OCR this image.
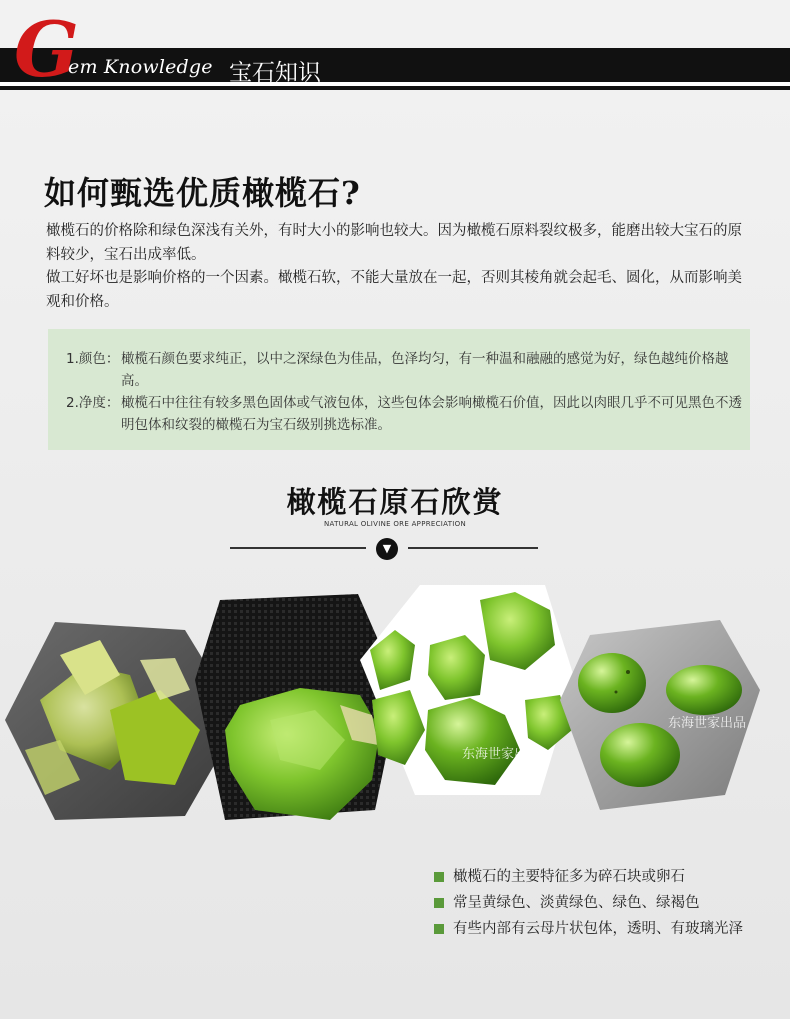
G
em Knowledge 宝石知识
如何甄选优质橄榄石?

橄榄石的价格除和绿色深浅有关外，有时大小的影响也较大。因为橄榄石原料裂纹极多，能磨出较大宝石的原料较少，宝石出成率低。

做工好坏也是影响价格的一个因素。橄榄石软，不能大量放在一起，否则其棱角就会起毛、圆化，从而影响美观和价格。

1.颜色： 橄榄石颜色要求纯正，以中之深绿色为佳品，色泽均匀，有一种温和融融的感觉为好，绿色越纯价格越高。
2.净度： 橄榄石中往往有较多黑色固体或气液包体，这些包体会影响橄榄石价值，因此以肉眼几乎不可见黑色不透明包体和纹裂的橄榄石为宝石级别挑选标准。
橄榄石原石欣赏
NATURAL OLIVINE ORE APPRECIATION
▼
东海世家出品
东海世家出品
橄榄石的主要特征多为碎石块或卵石
常呈黄绿色、淡黄绿色、绿色、绿褐色
有些内部有云母片状包体，透明、有玻璃光泽
